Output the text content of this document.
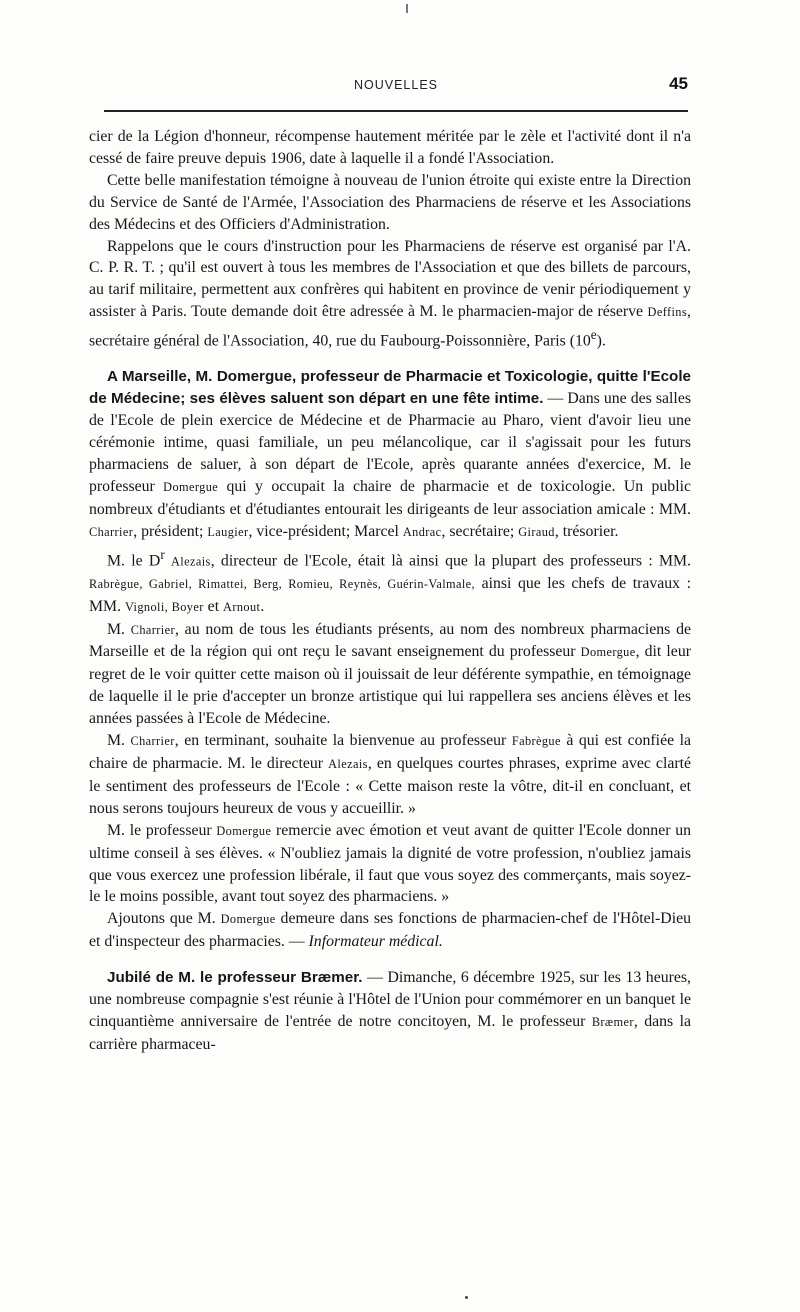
NOUVELLES	45

cier de la Légion d'honneur, récompense hautement méritée par le zèle et l'activité dont il n'a cessé de faire preuve depuis 1906, date à laquelle il a fondé l'Association.

Cette belle manifestation témoigne à nouveau de l'union étroite qui existe entre la Direction du Service de Santé de l'Armée, l'Association des Pharmaciens de réserve et les Associations des Médecins et des Officiers d'Administration.

Rappelons que le cours d'instruction pour les Pharmaciens de réserve est organisé par l'A. C. P. R. T. ; qu'il est ouvert à tous les membres de l'Association et que des billets de parcours, au tarif militaire, permettent aux confrères qui habitent en province de venir périodiquement y assister à Paris. Toute demande doit être adressée à M. le pharmacien-major de réserve Deffins, secrétaire général de l'Association, 40, rue du Faubourg-Poissonnière, Paris (10e).

A Marseille, M. Domergue, professeur de Pharmacie et Toxicologie, quitte l'Ecole de Médecine; ses élèves saluent son départ en une fête intime. — Dans une des salles de l'Ecole de plein exercice de Médecine et de Pharmacie au Pharo, vient d'avoir lieu une cérémonie intime, quasi familiale, un peu mélancolique, car il s'agissait pour les futurs pharmaciens de saluer, à son départ de l'Ecole, après quarante années d'exercice, M. le professeur Domergue qui y occupait la chaire de pharmacie et de toxicologie. Un public nombreux d'étudiants et d'étudiantes entourait les dirigeants de leur association amicale : MM. Charrier, président; Laugier, vice-président; Marcel Andrac, secrétaire; Giraud, trésorier.

M. le $D^r$ Alezais, directeur de l'Ecole, était là ainsi que la plupart des professeurs : MM. Rabrègue, Gabriel, Rimattei, Berg, Romieu, Reynès, Guérin-Valmale, ainsi que les chefs de travaux : MM. Vignoli, Boyer et Arnout.

M. Charrier, au nom de tous les étudiants présents, au nom des nombreux pharmaciens de Marseille et de la région qui ont reçu le savant enseignement du professeur Domergue, dit leur regret de le voir quitter cette maison où il jouissait de leur déférente sympathie, en témoignage de laquelle il le prie d'accepter un bronze artistique qui lui rappellera ses anciens élèves et les années passées à l'Ecole de Médecine.

M. Charrier, en terminant, souhaite la bienvenue au professeur Fabrègue à qui est confiée la chaire de pharmacie. M. le directeur Alezais, en quelques courtes phrases, exprime avec clarté le sentiment des professeurs de l'Ecole : « Cette maison reste la vôtre, dit-il en concluant, et nous serons toujours heureux de vous y accueillir. »

M. le professeur Domergue remercie avec émotion et veut avant de quitter l'Ecole donner un ultime conseil à ses élèves. « N'oubliez jamais la dignité de votre profession, n'oubliez jamais que vous exercez une profession libérale, il faut que vous soyez des commerçants, mais soyez-le le moins possible, avant tout soyez des pharmaciens. »

Ajoutons que M. Domergue demeure dans ses fonctions de pharmacien-chef de l'Hôtel-Dieu et d'inspecteur des pharmacies. — Informateur médical.

Jubilé de M. le professeur Bræmer. — Dimanche, 6 décembre 1925, sur les 13 heures, une nombreuse compagnie s'est réunie à l'Hôtel de l'Union pour commémorer en un banquet le cinquantième anniversaire de l'entrée de notre concitoyen, M. le professeur Bræmer, dans la carrière pharmaceu-
